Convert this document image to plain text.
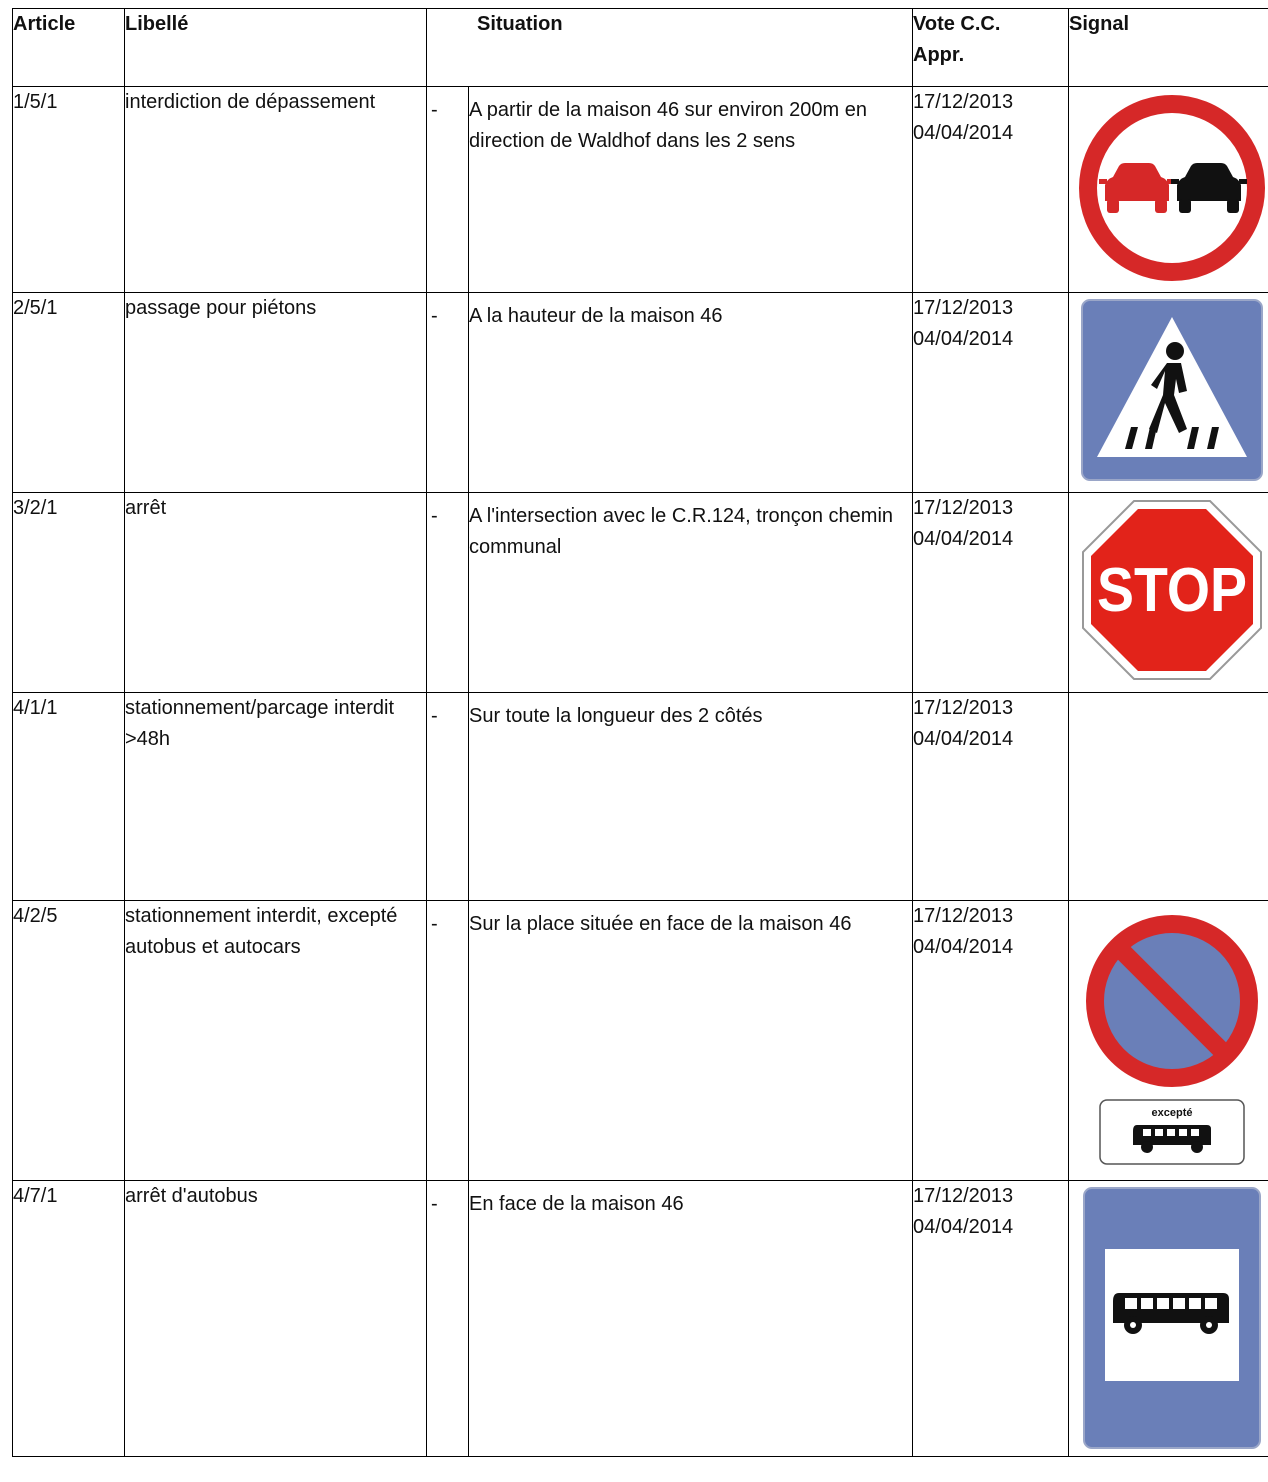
Article	Libellé	Situation		Vote C.C.
Appr.	Signal
1/5/1	interdiction de dépassement	-	A partir de la maison 46 sur environ 200m en direction de Waldhof dans les 2 sens	17/12/2013
04/04/2014

2/5/1	passage pour piétons	-	A la hauteur de la maison 46	17/12/2013
04/04/2014

3/2/1	arrêt	-	A l'intersection avec le C.R.124, tronçon chemin communal	17/12/2013
04/04/2014	STOP

4/1/1	stationnement/parcage interdit >48h	-	Sur toute la longueur des 2 côtés	17/12/2013
04/04/2014	

4/2/5	stationnement interdit, excepté autobus et autocars	-	Sur la place située en face de la maison 46	17/12/2013
04/04/2014	excepté

4/7/1	arrêt d'autobus	-	En face de la maison 46	17/12/2013
04/04/2014
